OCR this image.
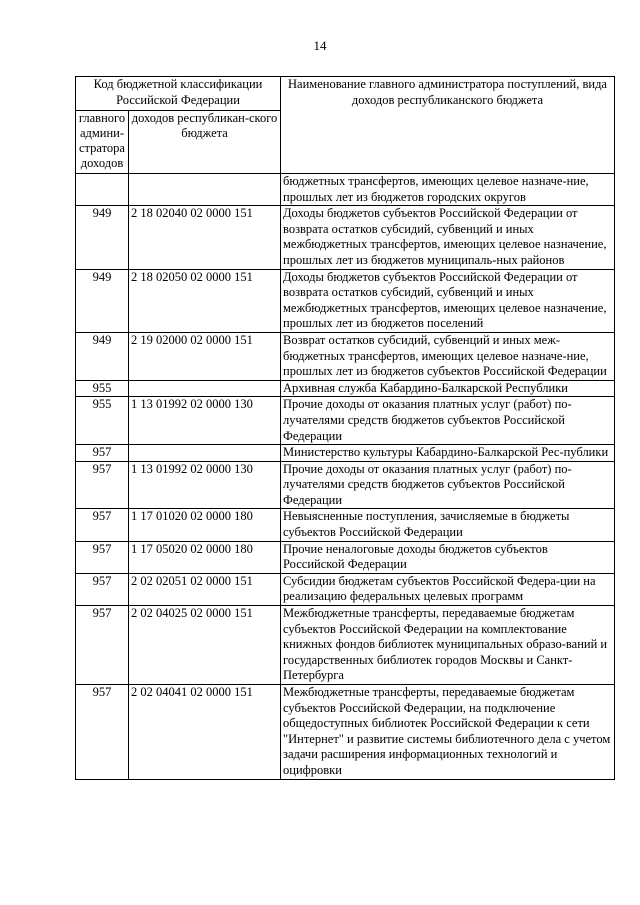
14
Код бюджетной классификации Российской Федерации		Наименование главного администратора поступлений, вида доходов республиканского бюджета
главного админи-стратора доходов	доходов республикан-ского бюджета	
		бюджетных трансфертов, имеющих целевое назначе-ние, прошлых лет из бюджетов городских округов
949	2 18 02040 02 0000 151	Доходы бюджетов субъектов Российской Федерации от возврата остатков субсидий, субвенций и иных межбюджетных трансфертов, имеющих целевое назначение, прошлых лет из бюджетов муниципаль-ных районов
949	2 18 02050 02 0000 151	Доходы бюджетов субъектов Российской Федерации от возврата остатков субсидий, субвенций и иных межбюджетных трансфертов, имеющих целевое назначение, прошлых лет из бюджетов поселений
949	2 19 02000 02 0000 151	Возврат остатков субсидий, субвенций и иных меж-бюджетных трансфертов, имеющих целевое назначе-ние, прошлых лет из бюджетов субъектов Российской Федерации
955		Архивная служба Кабардино-Балкарской Республики
955	1 13 01992 02 0000 130	Прочие доходы от оказания платных услуг (работ) по-лучателями средств бюджетов субъектов Российской Федерации
957		Министерство культуры Кабардино-Балкарской Рес-публики
957	1 13 01992 02 0000 130	Прочие доходы от оказания платных услуг (работ) по-лучателями средств бюджетов субъектов Российской Федерации
957	1 17 01020 02 0000 180	Невыясненные поступления, зачисляемые в бюджеты субъектов Российской Федерации
957	1 17 05020 02 0000 180	Прочие неналоговые доходы бюджетов субъектов Российской Федерации
957	2 02 02051 02 0000 151	Субсидии бюджетам субъектов Российской Федера-ции на реализацию федеральных целевых программ
957	2 02 04025 02 0000 151	Межбюджетные трансферты, передаваемые бюджетам субъектов Российской Федерации на комплектование книжных фондов библиотек муниципальных образо-ваний и государственных библиотек городов Москвы и Санкт-Петербурга
957	2 02 04041 02 0000 151	Межбюджетные трансферты, передаваемые бюджетам субъектов Российской Федерации, на подключение общедоступных библиотек Российской Федерации к сети "Интернет" и развитие системы библиотечного дела с учетом задачи расширения информационных технологий и оцифровки
